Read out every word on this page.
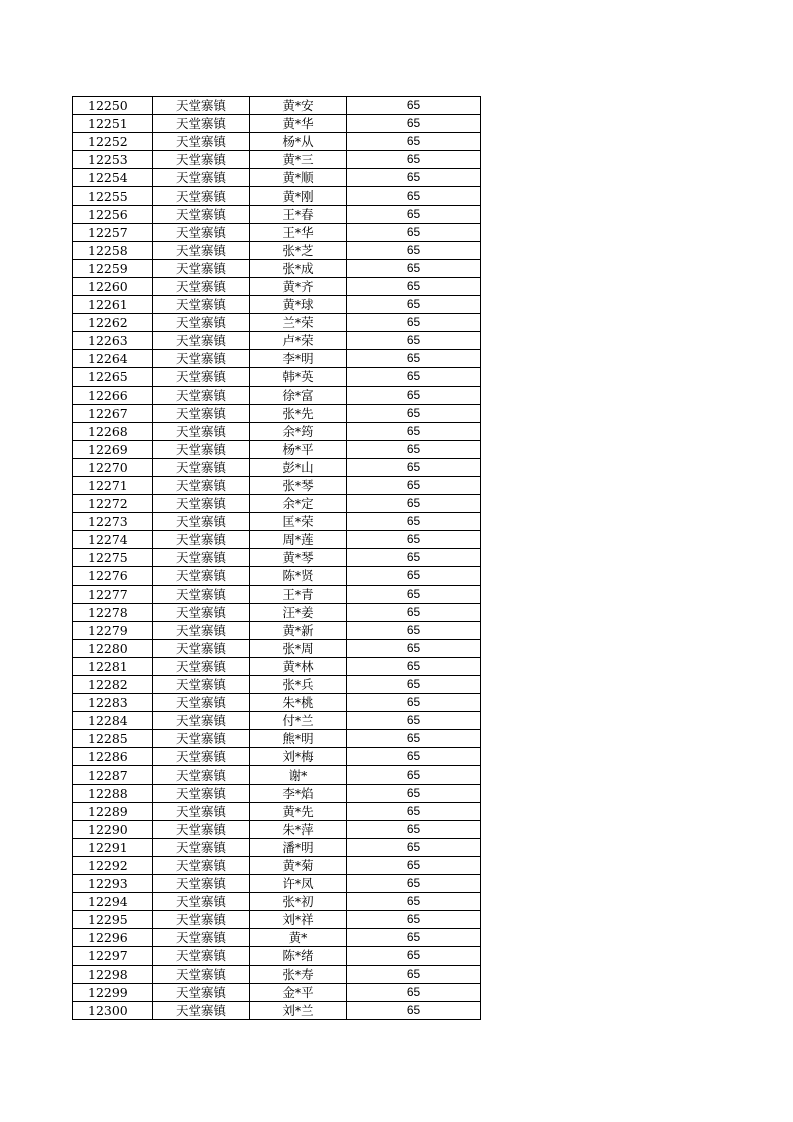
12250	天堂寨镇	黄*安	65
12251	天堂寨镇	黄*华	65
12252	天堂寨镇	杨*从	65
12253	天堂寨镇	黄*三	65
12254	天堂寨镇	黄*顺	65
12255	天堂寨镇	黄*刚	65
12256	天堂寨镇	王*春	65
12257	天堂寨镇	王*华	65
12258	天堂寨镇	张*芝	65
12259	天堂寨镇	张*成	65
12260	天堂寨镇	黄*齐	65
12261	天堂寨镇	黄*球	65
12262	天堂寨镇	兰*荣	65
12263	天堂寨镇	卢*荣	65
12264	天堂寨镇	李*明	65
12265	天堂寨镇	韩*英	65
12266	天堂寨镇	徐*富	65
12267	天堂寨镇	张*先	65
12268	天堂寨镇	余*筠	65
12269	天堂寨镇	杨*平	65
12270	天堂寨镇	彭*山	65
12271	天堂寨镇	张*琴	65
12272	天堂寨镇	余*定	65
12273	天堂寨镇	匡*荣	65
12274	天堂寨镇	周*莲	65
12275	天堂寨镇	黄*琴	65
12276	天堂寨镇	陈*贤	65
12277	天堂寨镇	王*青	65
12278	天堂寨镇	汪*姜	65
12279	天堂寨镇	黄*新	65
12280	天堂寨镇	张*周	65
12281	天堂寨镇	黄*林	65
12282	天堂寨镇	张*兵	65
12283	天堂寨镇	朱*桃	65
12284	天堂寨镇	付*兰	65
12285	天堂寨镇	熊*明	65
12286	天堂寨镇	刘*梅	65
12287	天堂寨镇	谢*	65
12288	天堂寨镇	李*焰	65
12289	天堂寨镇	黄*先	65
12290	天堂寨镇	朱*萍	65
12291	天堂寨镇	潘*明	65
12292	天堂寨镇	黄*菊	65
12293	天堂寨镇	许*凤	65
12294	天堂寨镇	张*初	65
12295	天堂寨镇	刘*祥	65
12296	天堂寨镇	黄*	65
12297	天堂寨镇	陈*绪	65
12298	天堂寨镇	张*寿	65
12299	天堂寨镇	金*平	65
12300	天堂寨镇	刘*兰	65
